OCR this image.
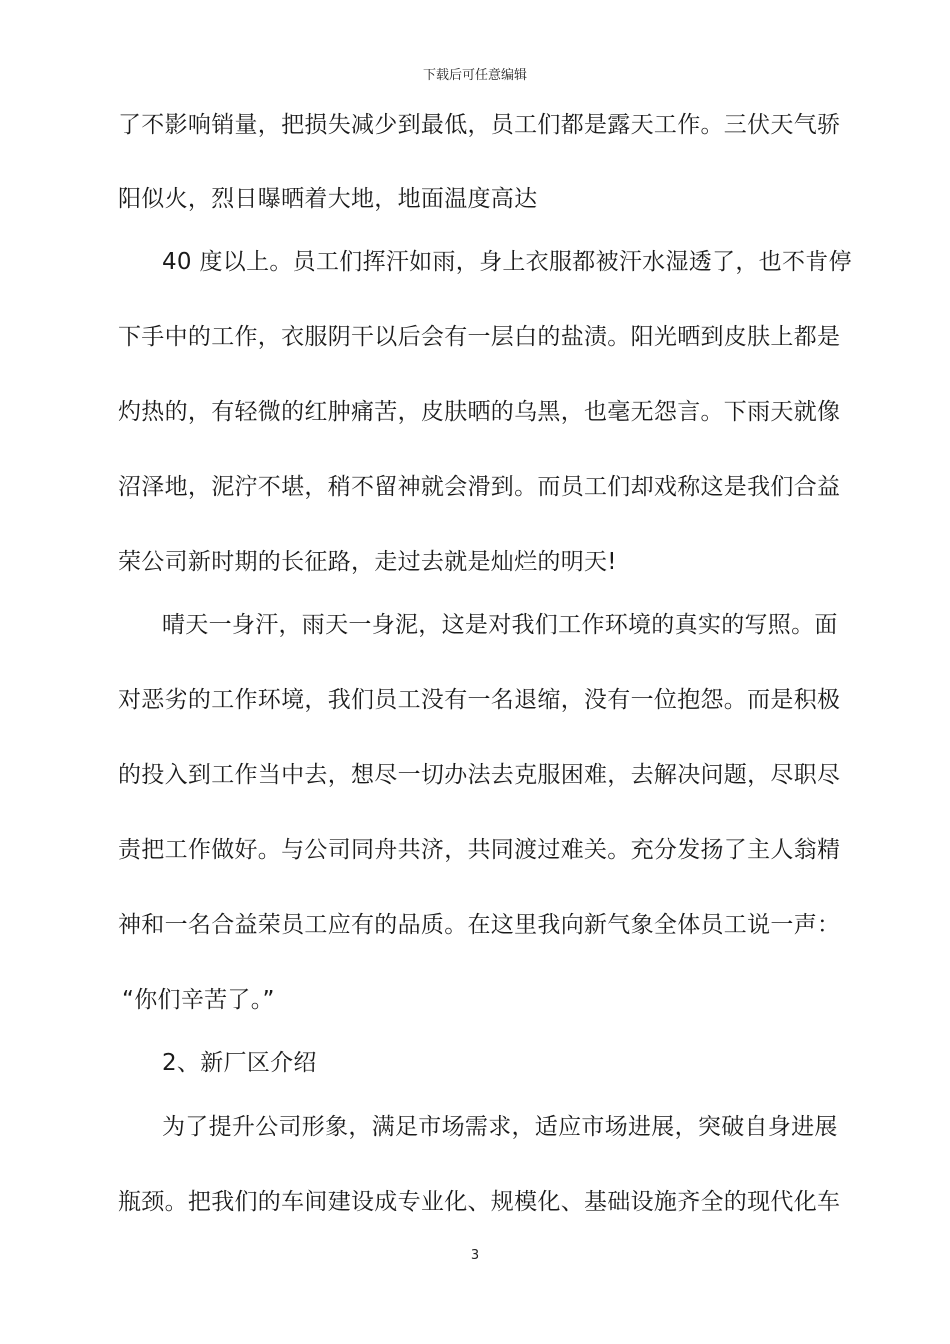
下载后可任意编辑
了不影响销量，把损失减少到最低，员工们都是露天工作。三伏天气骄
阳似火，烈日曝晒着大地，地面温度高达
40 度以上。员工们挥汗如雨，身上衣服都被汗水湿透了，也不肯停
下手中的工作，衣服阴干以后会有一层白的盐渍。阳光晒到皮肤上都是
灼热的，有轻微的红肿痛苦，皮肤晒的乌黑，也毫无怨言。下雨天就像
沼泽地，泥泞不堪，稍不留神就会滑到。而员工们却戏称这是我们合益
荣公司新时期的长征路，走过去就是灿烂的明天!
晴天一身汗，雨天一身泥，这是对我们工作环境的真实的写照。面
对恶劣的工作环境，我们员工没有一名退缩，没有一位抱怨。而是积极
的投入到工作当中去，想尽一切办法去克服困难，去解决问题，尽职尽
责把工作做好。与公司同舟共济，共同渡过难关。充分发扬了主人翁精
神和一名合益荣员工应有的品质。在这里我向新气象全体员工说一声：
“你们辛苦了。”
2、新厂区介绍
为了提升公司形象，满足市场需求，适应市场进展，突破自身进展
瓶颈。把我们的车间建设成专业化、规模化、基础设施齐全的现代化车
3
